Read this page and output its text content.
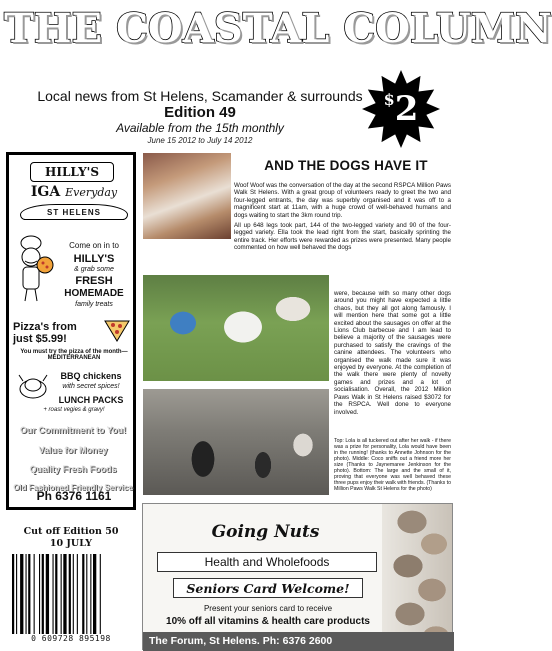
THE COASTAL COLUMN
Local news from St Helens, Scamander & surrounds
Edition 49
Available from the 15th monthly
June 15 2012 to July 14 2012
$ 2
HILLY'S
IGA Everyday
ST HELENS
Come on in to
HILLY'S
& grab some
FRESH
HOMEMADE
family treats
Pizza's from just $5.99!
You must try the pizza of the month—MEDITERRANEAN
BBQ chickens
with secret spices!
LUNCH PACKS
+ roast vegies & gravy!
Our Commitment to You!
Value for Money
Quality Fresh Foods
Old Fashioned Friendly Service
Ph 6376 1161
AND THE DOGS HAVE IT
Woof Woof was the conversation of the day at the second RSPCA Million Paws Walk St Helens. With a great group of volunteers ready to greet the two and four-legged entrants, the day was superbly organised and it was off to a magnificent start at 11am, with a huge crowd of well-behaved humans and dogs waiting to start the 3km round trip.
All up 648 legs took part, 144 of the two-legged variety and 90 of the four-legged variety. Ella took the lead right from the start, basically sprinting the entire track. Her efforts were rewarded as prizes were presented. Many people commented on how well behaved the dogs
were, because with so many other dogs around you might have expected a little chaos, but they all got along famously. I will mention here that some got a little excited about the sausages on offer at the Lions Club barbecue and I am lead to believe a majority of the sausages were purchased to satisfy the cravings of the canine attendees. The volunteers who organised the walk made sure it was enjoyed by everyone. At the completion of the walk there were plenty of novelty games and prizes and a lot of socialisation. Overall, the 2012 Million Paws Walk in St Helens raised $3072 for the RSPCA. Well done to everyone involved.
Top: Lola is all tuckered out after her walk - if there was a prize for personality, Lola would have been in the running! (thanks to Annette Johnson for the photo). Middle: Coco sniffs out a friend more her size (Thanks to Jaynemaree Jenkinson for the photo). Bottom: The large and the small of it, proving that everyone was well behaved these three pups enjoy their walk with friends. (Thanks to Million Paws Walk St Helens for the photo)
Cut off Edition 50
10 JULY
0 609728 895198
Going Nuts
Health and Wholefoods
Seniors Card Welcome!
Present your seniors card to receive
10% off all vitamins & health care products
The Forum, St Helens. Ph: 6376 2600
